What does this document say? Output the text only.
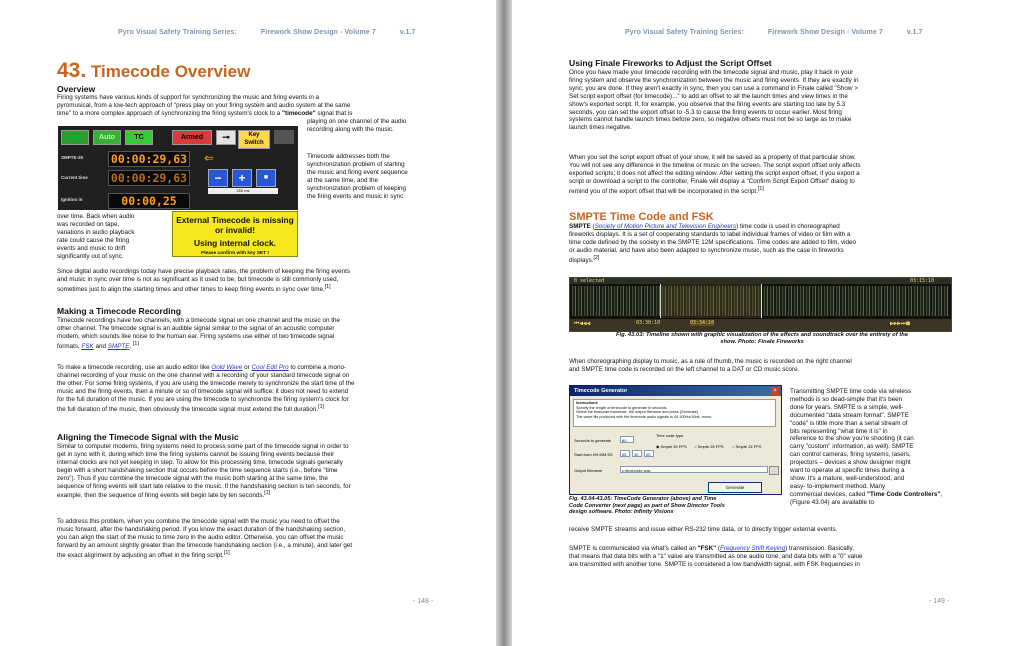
Pyro Visual Safety Training Series:	Firework Show Design - Volume 7	v.1.7
43. Timecode Overview
Overview
Firing systems have various kinds of support for synchronizing the music and firing events in a
pyromusical, from a low-tech approach of "press play on your firing system and audio system at the same
time" to a more complex approach of synchronizing the firing system's clock to a "timecode" signal that is
playing on one channel of the audio
recording along with the music.
Timecode addresses both the
synchronization problem of starting
the music and firing event sequence
at the same time, and the
synchronization problem of keeping
the firing events and music in sync
Man	Auto	TC	Armed	⊸	Key Switch
SMPTE-25 00:00:29,63 ⇐
Current time 00:00:29,63	−	+	■
250 ms
Ignition in	00:00,25
over time. Back when audio
was recorded on tape,
variations in audio playback
rate could cause the firing
events and music to drift
significantly out of sync.
External Timecode is missing or invalid!
Using internal clock.
Please confirm with key SET !
Since digital audio recordings today have precise playback rates, the problem of keeping the firing events
and music in sync over time is not as significant as it used to be, but timecode is still commonly used,
sometimes just to align the starting times and other times to keep firing events in sync over time.[1]
Making a Timecode Recording
Timecode recordings have two channels, with a timecode signal on one channel and the music on the
other channel. The timecode signal is an audible signal similar to the signal of an acoustic computer
modem, which sounds like noise to the human ear. Firing systems use either of two timecode signal
formats, FSK and SMPTE. [1]
To make a timecode recording, use an audio editor like Gold Wave or Cool Edit Pro to combine a mono-
channel recording of your music on the one channel with a recording of your standard timecode signal on
the other. For some firing systems, if you are using the timecode merely to synchronize the start time of the
music and the firing events, then a minute or so of timecode signal will suffice; it does not need to extend
for the full duration of the music. If you are using the timecode to synchronize the firing system's clock for
the full duration of the music, then obviously the timecode signal must extend the full duration.[1]
Aligning the Timecode Signal with the Music
Similar to computer modems, firing systems need to process some part of the timecode signal in order to
get in sync with it, during which time the firing systems cannot be issuing firing events because their
internal clocks are not yet keeping in step. To allow for this processing time, timecode signals generally
begin with a short handshaking section that occurs before the time sequence starts (i.e., before "time
zero"). Thus if you combine the timecode signal with the music both starting at the same time, the
sequence of firing events will start late relative to the music. If the handshaking section is ten seconds, for
example, then the sequence of firing events will begin late by ten seconds.[1]
To address this problem, when you combine the timecode signal with the music you need to offset the
music forward, after the handshaking period. If you know the exact duration of the handshaking section,
you can align the start of the music to time zero in the audio editor. Otherwise, you can offset the music
forward by an amount slightly greater than the timecode handshaking section (i.e., a minute), and later get
the exact alignment by adjusting an offset in the firing script.[1]
- 148 -
Pyro Visual Safety Training Series:	Firework Show Design - Volume 7	v.1.7
Using Finale Fireworks to Adjust the Script Offset
Once you have made your timecode recording with the timecode signal and music, play it back in your
firing system and observe the synchronization between the music and firing events. If they are exactly in
sync, you are done. If they aren't exactly in sync, then you can use a command in Finale called "Show >
Set script export offset (for timecode)..." to add an offset to all the launch times and view times in the
show's exported script. If, for example, you observe that the firing events are starting too late by 5.3
seconds, you can set the export offset to -5.3 to cause the firing events to occur earlier. Most firing
systems cannot handle launch times before zero, so negative offsets must not be so large as to make
launch times negative.
When you set the script export offset of your show, it will be saved as a property of that particular show.
You will not see any difference in the timeline or music on the screen. The script export offset only affects
exported scripts; it does not affect the editing window. After setting the script export offset, if you export a
script or download a script to the controller, Finale will display a "Confirm Script Export Offset" dialog to
remind you of the export offset that will be incorporated in the script.[1]
SMPTE Time Code and FSK
SMPTE (Society of Motion Picture and Television Engineers) time code is used in choreographed
fireworks displays. It is a set of cooperating standards to label individual frames of video or film with a
time code defined by the society in the SMPTE 12M specifications. Time codes are added to film, video
or audio material, and have also been adapted to synchronize music, such as the case in fireworks
displays.[2]
0 selected	03:15:10
03:30:10	03:34:10
⏮◀◀◀	▶▶▶⏭■
Fig. 43.03: Timeline shown with graphic visualization of the effects and soundtrack over the entirety of the
show. Photo: Finale Fireworks
When choreographing display to music, as a rule of thumb, the music is recorded on the right channel
and SMPTE time code is recorded on the left channel to a DAT or CD music score.
Timecode Generator	×
Instructions
Specify the length of timecode to generate in seconds.
Select the timecode framerate, the output filename and press [Generate].
The wave file produced with the timecode audio signals is 44.100Hz/16bit, mono.
Seconds to generate	60
Time code type
Start from HH:MM:SS	05	30	00
◉ Smpte 30 FPS ○ Smpte 25 FPS ○ Smpte 24 FPS
Output filename	c:\timecode.wav	…
Generate
Fig. 43.04-43.05: TimeCode Generator (above) and Time
Code Converter (next page) as part of Show Director Tools
design software. Photo: Infinity Visions
Transmitting SMPTE time code via wireless
methods is so dead-simple that it's been
done for years. SMPTE is a simple, well-
documented "data stream format". SMPTE
"code" is little more than a serial stream of
bits representing "what time it is" in
reference to the show you're shooting (it can
carry "custom" information, as well). SMPTE
can control cameras, firing systems, lasers,
projectors – devices a show designer might
want to operate at specific times during a
show. It's a mature, well-understood, and
easy- to-implement method. Many
commercial devices, called "Time Code Controllers", (Figure 43.04) are available to
receive SMPTE streams and issue either RS-232 time data, or to directly trigger external events.
SMPTE is communicated via what's called an "FSK" (Frequency Shift Keying) transmission. Basically,
that means that data bits with a "1" value are transmitted as one audio tone, and data bits with a "0" value
are transmitted with another tone. SMPTE is considered a low bandwidth signal, with FSK frequencies in
- 149 -
